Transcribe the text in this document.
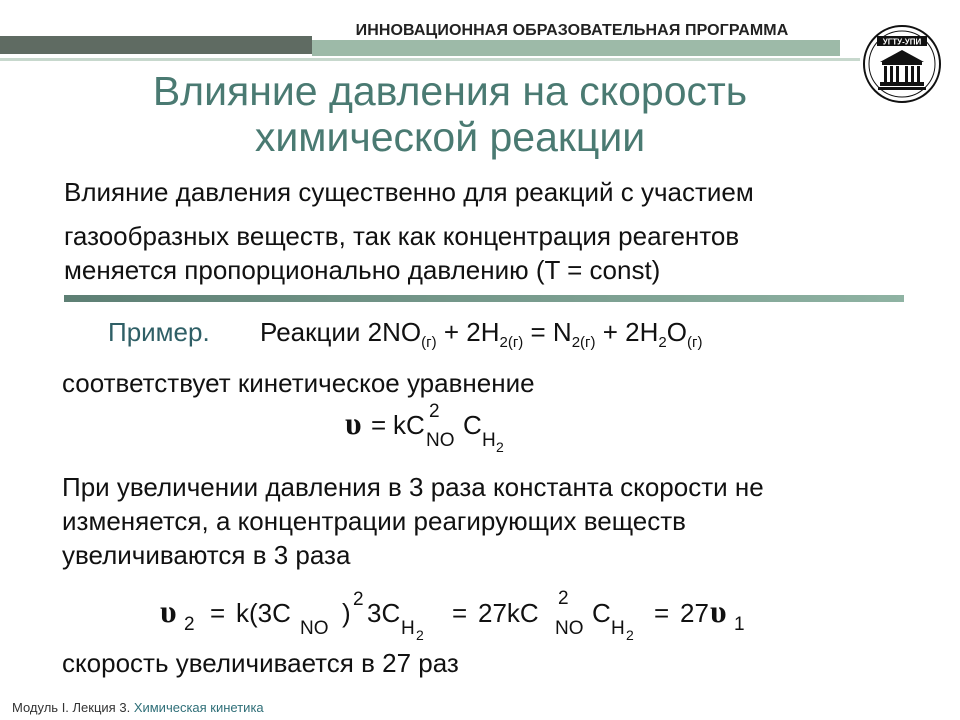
ИННОВАЦИОННАЯ ОБРАЗОВАТЕЛЬНАЯ ПРОГРАММА
УГТУ-УПИ
Влияние давления на скорость
химической реакции
Влияние давления существенно для реакций с участием
газообразных веществ, так как концентрация реагентов
меняется пропорционально давлению (T = const)
Пример. Реакции $2NO_{(г)} + 2H_{2(г)} = N_{2(г)} + 2H_2O_{(г)}$
соответствует кинетическое уравнение
υ = kC 2
NO
C
H 2
При увеличении давления в 3 раза константа скорости не
изменяется, а концентрации реагирующих веществ
увеличиваются в 3 раза
υ 2 = k(3C
NO
) 2 3C
H 2
= 27kC 2
NO
C
H 2
= 27 υ 1
скорость увеличивается в 27 раз
Модуль I. Лекция 3. Химическая кинетика
